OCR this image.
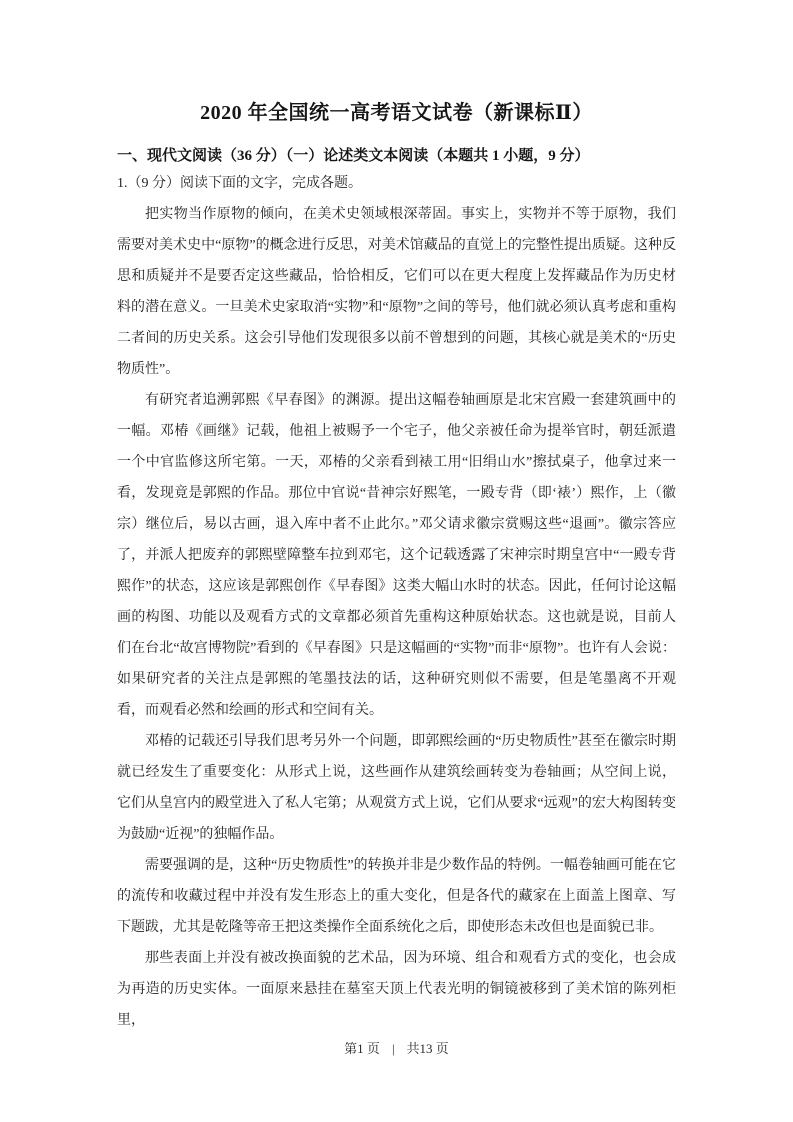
2020 年全国统一高考语文试卷（新课标Ⅱ）
一、现代文阅读（36 分）（一）论述类文本阅读（本题共 1 小题，9 分）

1.（9 分）阅读下面的文字，完成各题。

把实物当作原物的倾向，在美术史领域根深蒂固。事实上，实物并不等于原物，我们需要对美术史中“原物”的概念进行反思，对美术馆藏品的直觉上的完整性提出质疑。这种反思和质疑并不是要否定这些藏品，恰恰相反，它们可以在更大程度上发挥藏品作为历史材料的潜在意义。一旦美术史家取消“实物”和“原物”之间的等号，他们就必须认真考虑和重构二者间的历史关系。这会引导他们发现很多以前不曾想到的问题，其核心就是美术的“历史物质性”。

有研究者追溯郭熙《早春图》的渊源。提出这幅卷轴画原是北宋宫殿一套建筑画中的一幅。邓椿《画继》记载，他祖上被赐予一个宅子，他父亲被任命为提举官时，朝廷派遣一个中官监修这所宅第。一天，邓椿的父亲看到裱工用“旧绢山水”擦拭桌子，他拿过来一看，发现竟是郭熙的作品。那位中官说“昔神宗好熙笔，一殿专背（即‘裱’）熙作，上（徽宗）继位后，易以古画，退入库中者不止此尔。”邓父请求徽宗赏赐这些“退画”。徽宗答应了，并派人把废弃的郭熙壁障整车拉到邓宅，这个记载透露了宋神宗时期皇宫中“一殿专背熙作”的状态，这应该是郭熙创作《早春图》这类大幅山水时的状态。因此，任何讨论这幅画的构图、功能以及观看方式的文章都必须首先重构这种原始状态。这也就是说，目前人们在台北“故宫博物院”看到的《早春图》只是这幅画的“实物”而非“原物”。也许有人会说：如果研究者的关注点是郭熙的笔墨技法的话，这种研究则似不需要，但是笔墨离不开观看，而观看必然和绘画的形式和空间有关。

邓椿的记载还引导我们思考另外一个问题，即郭熙绘画的“历史物质性”甚至在徽宗时期就已经发生了重要变化：从形式上说，这些画作从建筑绘画转变为卷轴画；从空间上说，它们从皇宫内的殿堂进入了私人宅第；从观赏方式上说，它们从要求“远观”的宏大构图转变为鼓励“近视”的独幅作品。

需要强调的是，这种“历史物质性”的转换并非是少数作品的特例。一幅卷轴画可能在它的流传和收藏过程中并没有发生形态上的重大变化，但是各代的藏家在上面盖上图章、写下题跋，尤其是乾隆等帝王把这类操作全面系统化之后，即使形态未改但也是面貌已非。

那些表面上并没有被改换面貌的艺术品，因为环境、组合和观看方式的变化，也会成为再造的历史实体。一面原来悬挂在墓室天顶上代表光明的铜镜被移到了美术馆的陈列柜里，

第1 页 | 共13 页
